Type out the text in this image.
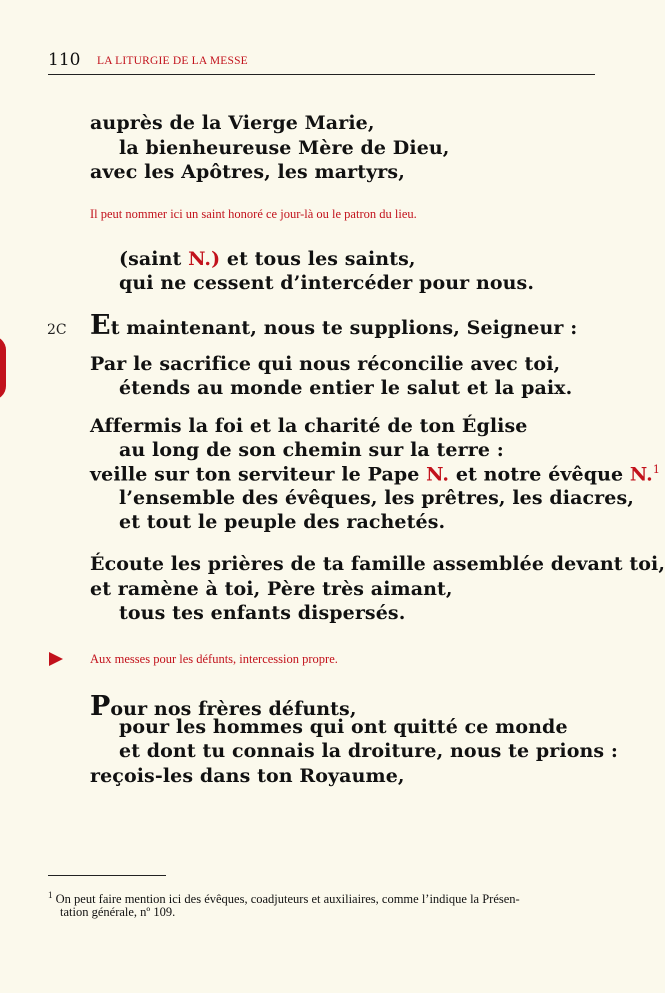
110 LA LITURGIE DE LA MESSE
auprès de la Vierge Marie,
la bienheureuse Mère de Dieu,
avec les Apôtres, les martyrs,
Il peut nommer ici un saint honoré ce jour-là ou le patron du lieu.
(saint N.) et tous les saints,
qui ne cessent d’intercéder pour nous.
2C Et maintenant, nous te supplions, Seigneur :
Par le sacrifice qui nous réconcilie avec toi,
étends au monde entier le salut et la paix.
Affermis la foi et la charité de ton Église
au long de son chemin sur la terre :
veille sur ton serviteur le Pape N. et notre évêque N.$^1$
l’ensemble des évêques, les prêtres, les diacres,
et tout le peuple des rachetés.
Écoute les prières de ta famille assemblée devant toi,
et ramène à toi, Père très aimant,
tous tes enfants dispersés.
Aux messes pour les défunts, intercession propre.
Pour nos frères défunts,
pour les hommes qui ont quitté ce monde
et dont tu connais la droiture, nous te prions :
reçois-les dans ton Royaume,
$^1$ On peut faire mention ici des évêques, coadjuteurs et auxiliaires, comme l’indique la Présen-
tation générale, nº 109.
